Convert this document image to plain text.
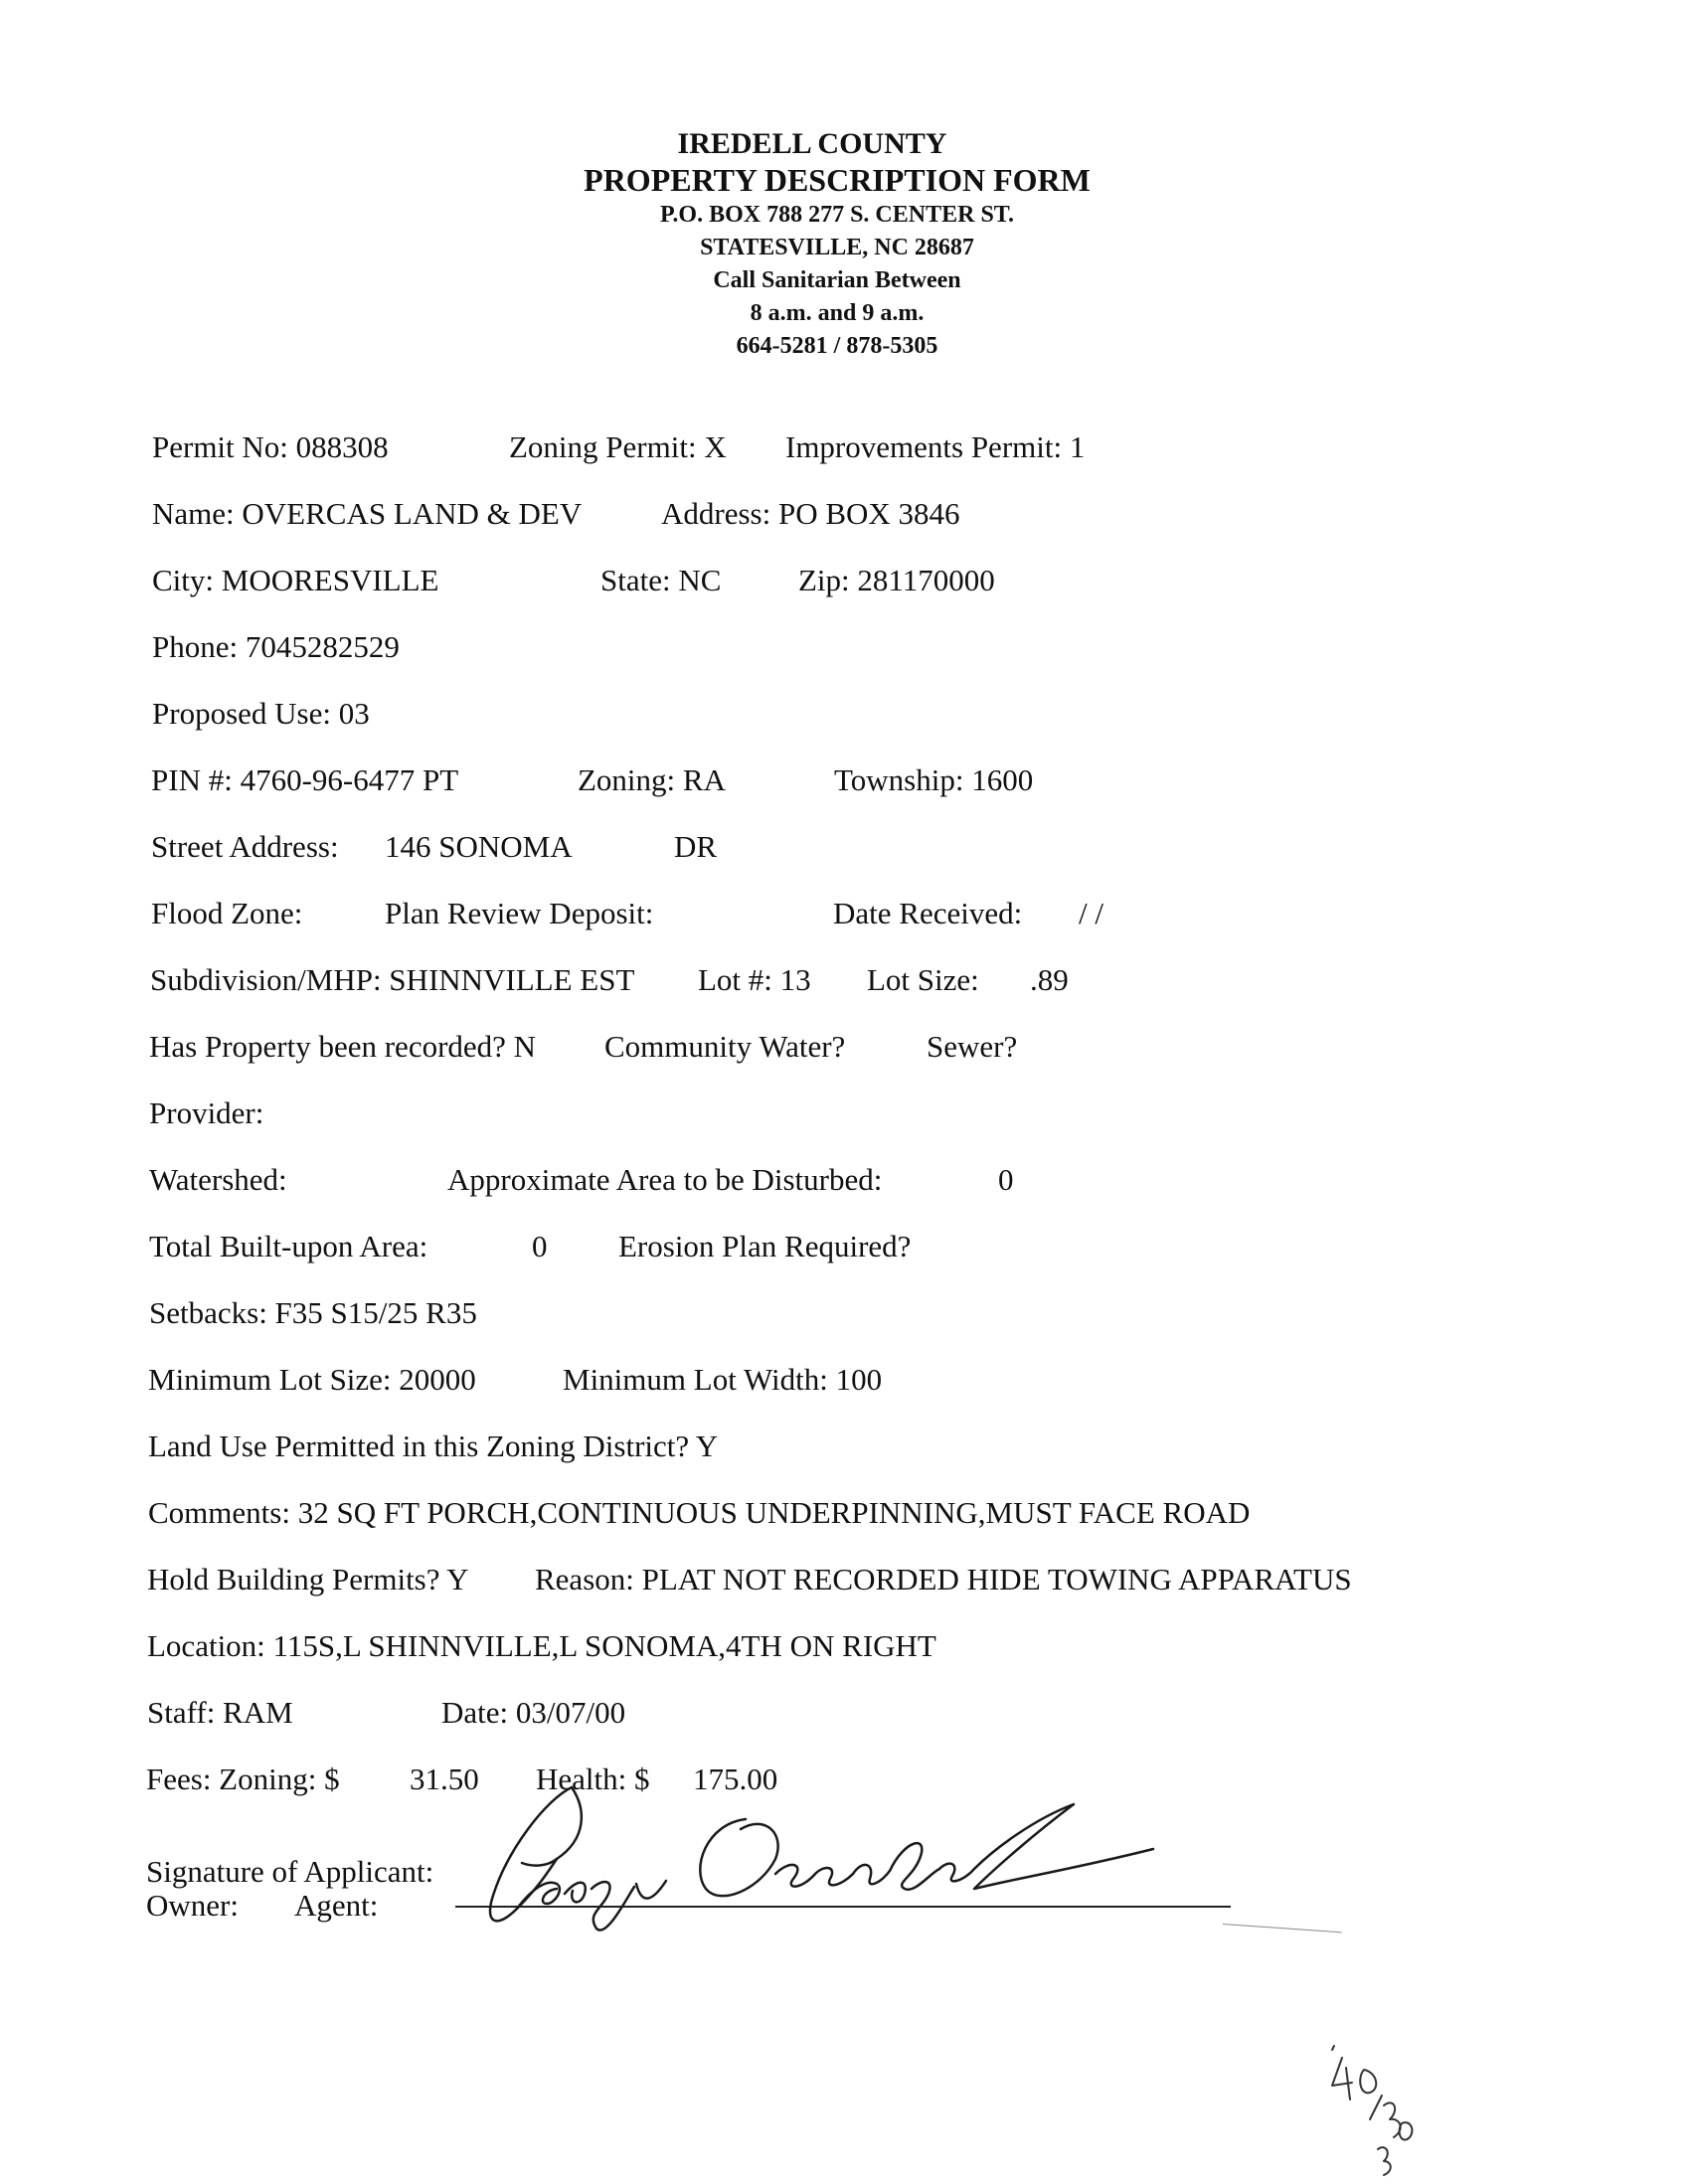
IREDELL COUNTY
PROPERTY DESCRIPTION FORM
P.O. BOX 788 277 S. CENTER ST.
STATESVILLE, NC 28687
Call Sanitarian Between
8 a.m. and 9 a.m.
664-5281 / 878-5305
Permit No: 088308	Zoning Permit: X Improvements Permit: 1
Name: OVERCAS LAND & DEV	Address: PO BOX 3846
City: MOORESVILLE	State: NC	Zip: 281170000
Phone: 7045282529
Proposed Use: 03
PIN #: 4760-96-6477 PT	Zoning: RA	Township: 1600
Street Address: 146 SONOMA	DR
Flood Zone:	Plan Review Deposit:	Date Received: / /
Subdivision/MHP: SHINNVILLE EST Lot #: 13 Lot Size: .89
Has Property been recorded? N Community Water?	Sewer?
Provider:
Watershed:	Approximate Area to be Disturbed:	0
Total Built-upon Area:	0 Erosion Plan Required?
Setbacks: F35 S15/25 R35
Minimum Lot Size: 20000	Minimum Lot Width: 100
Land Use Permitted in this Zoning District? Y
Comments: 32 SQ FT PORCH,CONTINUOUS UNDERPINNING,MUST FACE ROAD
Hold Building Permits? Y Reason: PLAT NOT RECORDED HIDE TOWING APPARATUS
Location: 115S,L SHINNVILLE,L SONOMA,4TH ON RIGHT
Staff: RAM	Date: 03/07/00
Fees: Zoning: $ 31.50 Health: $ 175.00
Signature of Applicant:
Owner: Agent:
